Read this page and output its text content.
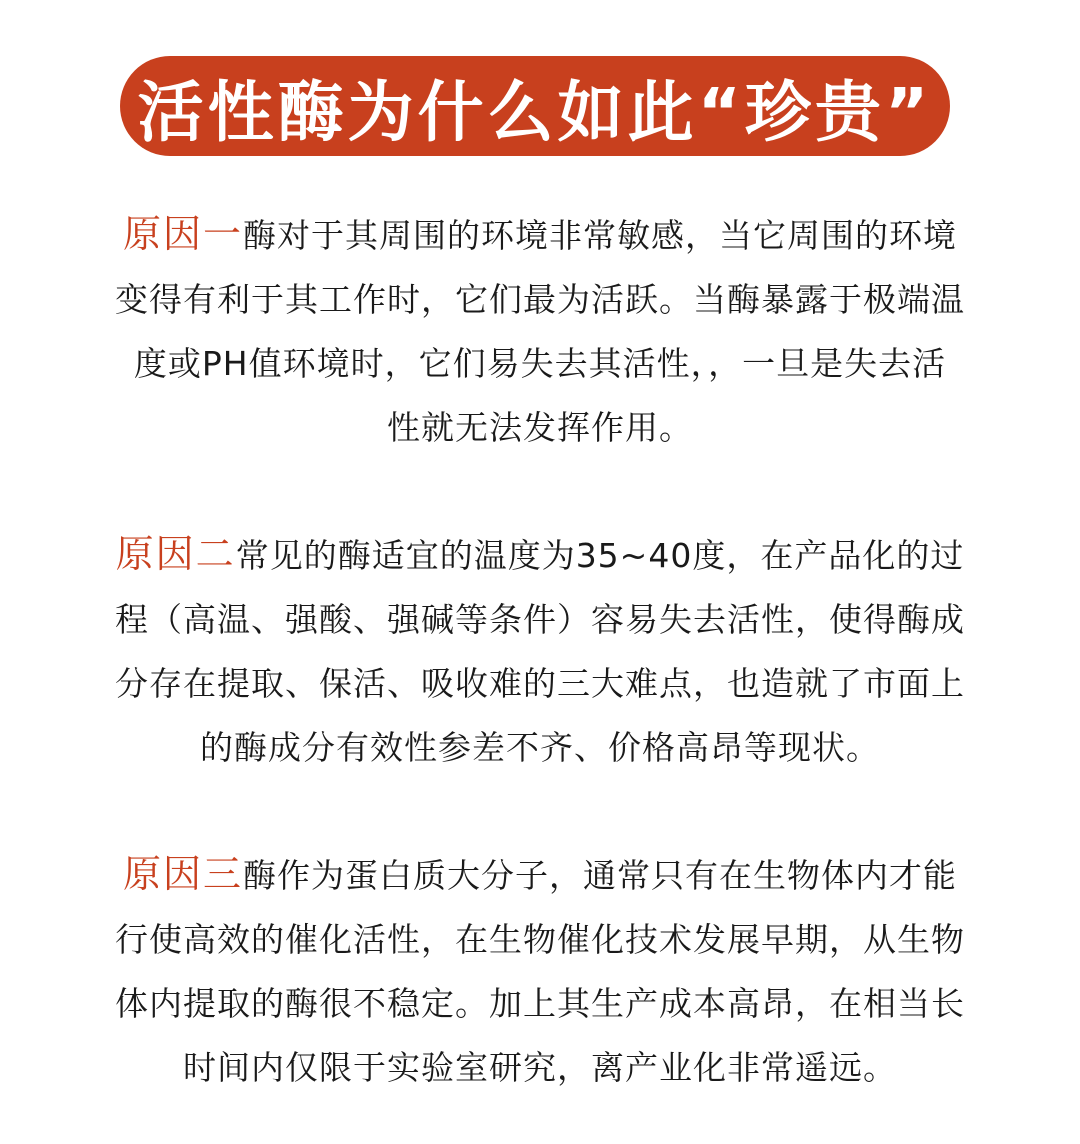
活性酶为什么如此“珍贵”
原因一酶对于其周围的环境非常敏感，当它周围的环境
变得有利于其工作时，它们最为活跃。当酶暴露于极端温
度或PH值环境时，它们易失去其活性，，一旦是失去活
性就无法发挥作用。
原因二常见的酶适宜的温度为35~40度，在产品化的过
程（高温、强酸、强碱等条件）容易失去活性，使得酶成
分存在提取、保活、吸收难的三大难点，也造就了市面上
的酶成分有效性参差不齐、价格高昂等现状。
原因三酶作为蛋白质大分子，通常只有在生物体内才能
行使高效的催化活性，在生物催化技术发展早期，从生物
体内提取的酶很不稳定。加上其生产成本高昂，在相当长
时间内仅限于实验室研究，离产业化非常遥远。
